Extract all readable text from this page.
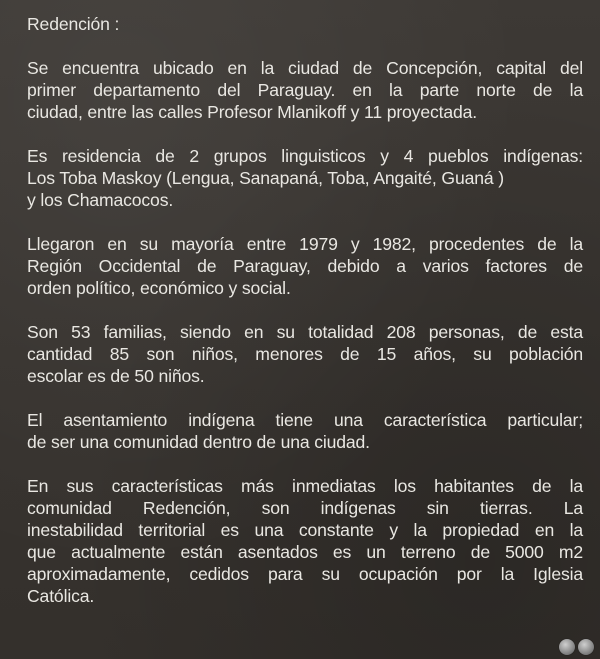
Redención :
Se encuentra ubicado en la ciudad de Concepción, capital del
primer departamento del Paraguay. en la parte norte de la
ciudad, entre las calles Profesor Mlanikoff y 11 proyectada.
Es residencia de 2 grupos linguisticos y 4 pueblos indígenas:
Los Toba Maskoy (Lengua, Sanapaná, Toba, Angaité, Guaná )
y los Chamacocos.
Llegaron en su mayoría entre 1979 y 1982, procedentes de la
Región Occidental de Paraguay, debido a varios factores de
orden político, económico y social.
Son 53 familias, siendo en su totalidad 208 personas, de esta
cantidad 85 son niños, menores de 15 años, su población
escolar es de 50 niños.
El asentamiento indígena tiene una característica particular;
de ser una comunidad dentro de una ciudad.
En sus características más inmediatas los habitantes de la
comunidad Redención, son indígenas sin tierras. La
inestabilidad territorial es una constante y la propiedad en la
que actualmente están asentados es un terreno de 5000 m2
aproximadamente, cedidos para su ocupación por la Iglesia
Católica.
